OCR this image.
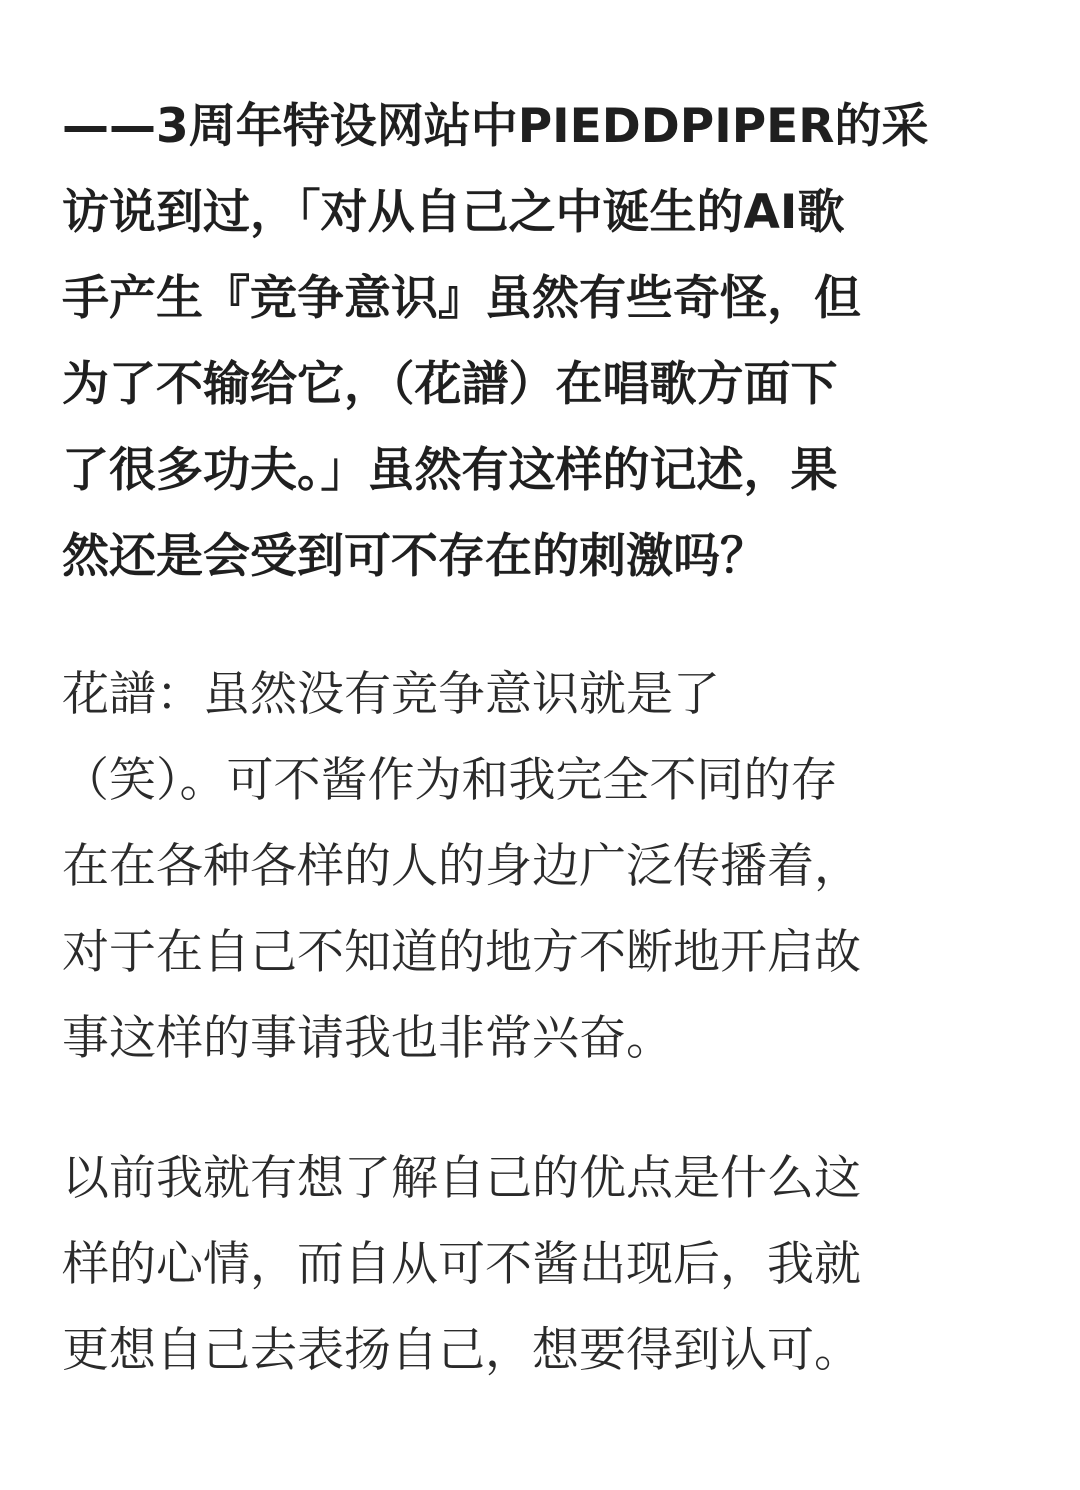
——3周年特设网站中PIEDDPIPER的采
访说到过，「对从自己之中诞生的AI歌
手产生『竞争意识』虽然有些奇怪，但
为了不输给它，（花譜）在唱歌方面下
了很多功夫。」虽然有这样的记述，果
然还是会受到可不存在的刺激吗？
花譜：虽然没有竞争意识就是了
（笑）。可不酱作为和我完全不同的存
在在各种各样的人的身边广泛传播着，
对于在自己不知道的地方不断地开启故
事这样的事请我也非常兴奋。
以前我就有想了解自己的优点是什么这
样的心情，而自从可不酱出现后，我就
更想自己去表扬自己，想要得到认可。
